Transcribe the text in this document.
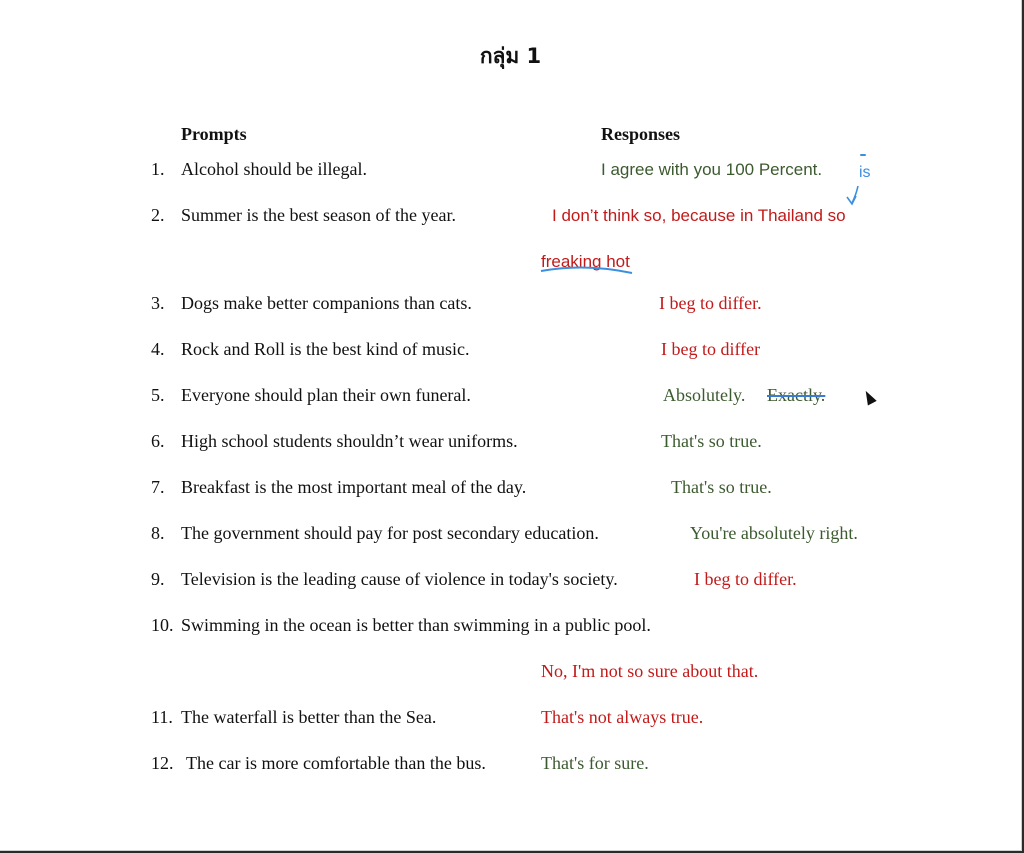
กลุ่ม 1
Prompts	Responses
1. Alcohol should be illegal.	I agree with you 100 Percent.
2. Summer is the best season of the year.	I don’t think so, because in Thailand so
freaking hot
3. Dogs make better companions than cats.	I beg to differ.
4. Rock and Roll is the best kind of music.	I beg to differ
5. Everyone should plan their own funeral.	Absolutely. Exactly.
6. High school students shouldn’t wear uniforms.	That's so true.
7. Breakfast is the most important meal of the day.	That's so true.
8. The government should pay for post secondary education.	You're absolutely right.
9. Television is the leading cause of violence in today's society.	I beg to differ.
10. Swimming in the ocean is better than swimming in a public pool.
No, I'm not so sure about that.
11. The waterfall is better than the Sea.	That's not always true.
12. The car is more comfortable than the bus.	That's for sure.
is
